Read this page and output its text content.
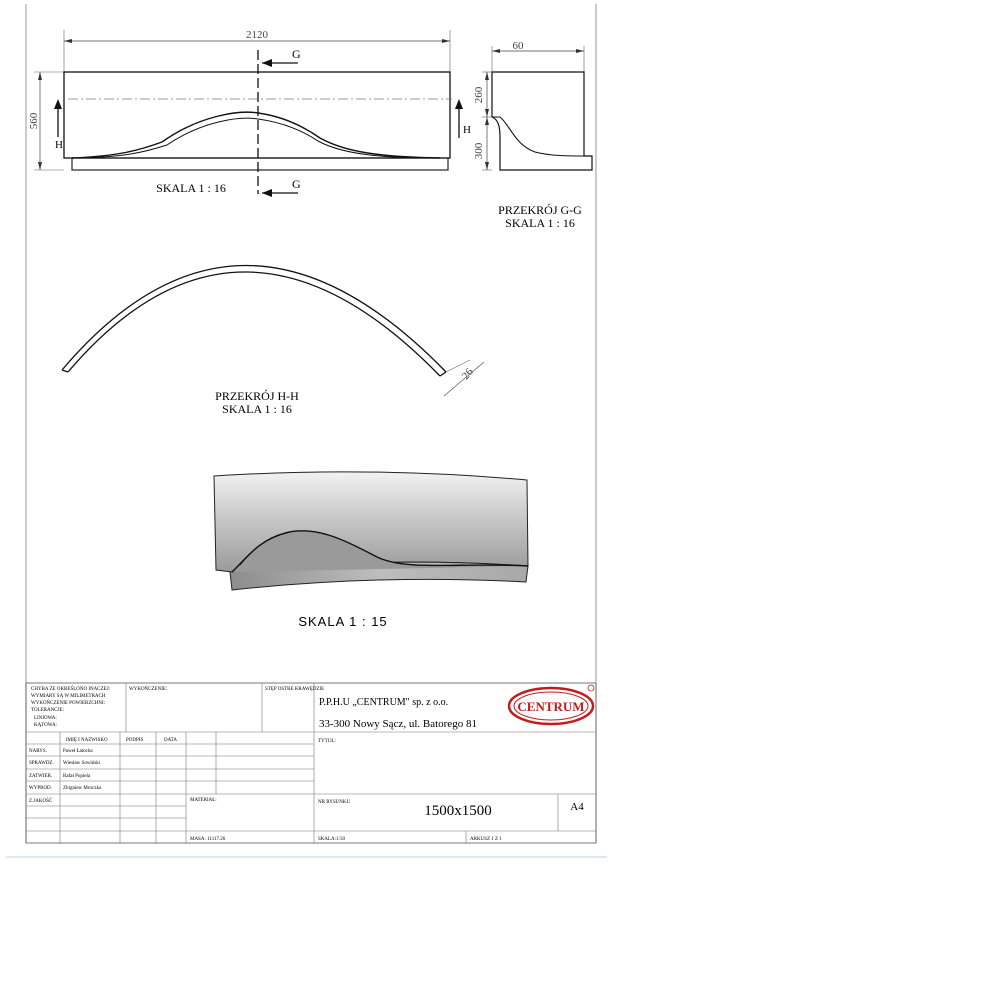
2120
560
G
G
H
SKALA 1 : 16
60
260
300
H
PRZEKRÓJ G-G
SKALA 1 : 16
26
PRZEKRÓJ H-H
SKALA 1 : 16
SKALA 1 : 15
CHYBA ŻE OKREŚLONO INACZEJ:
WYMIARY SĄ W MILIMETRACH
WYKOŃCZENIE POWIERZCHNI:
TOLERANCJE:
LINIOWA:
KĄTOWA:
WYKOŃCZENIE:	STĘP OSTRE KRAWĘDZIE
P.P.H.U „CENTRUM" sp. z o.o.
33-300 Nowy Sącz, ul. Batorego 81
CENTRUM
IMIĘ I NAZWISKO	PODPIS	DATA
NARYS.	Paweł Łatocha
SPRAWDZ. Wiesław Sowiński
ZATWIER. Rafał Popiela
WYPROD. Zbigniew Mroczka
Z.JAKOŚĆ
TYTUŁ:
MATERIAŁ:	NR RYSUNKU
1500x1500	A4
MASA: 11117.26	SKALA:1:50	ARKUSZ 1 Z 1
